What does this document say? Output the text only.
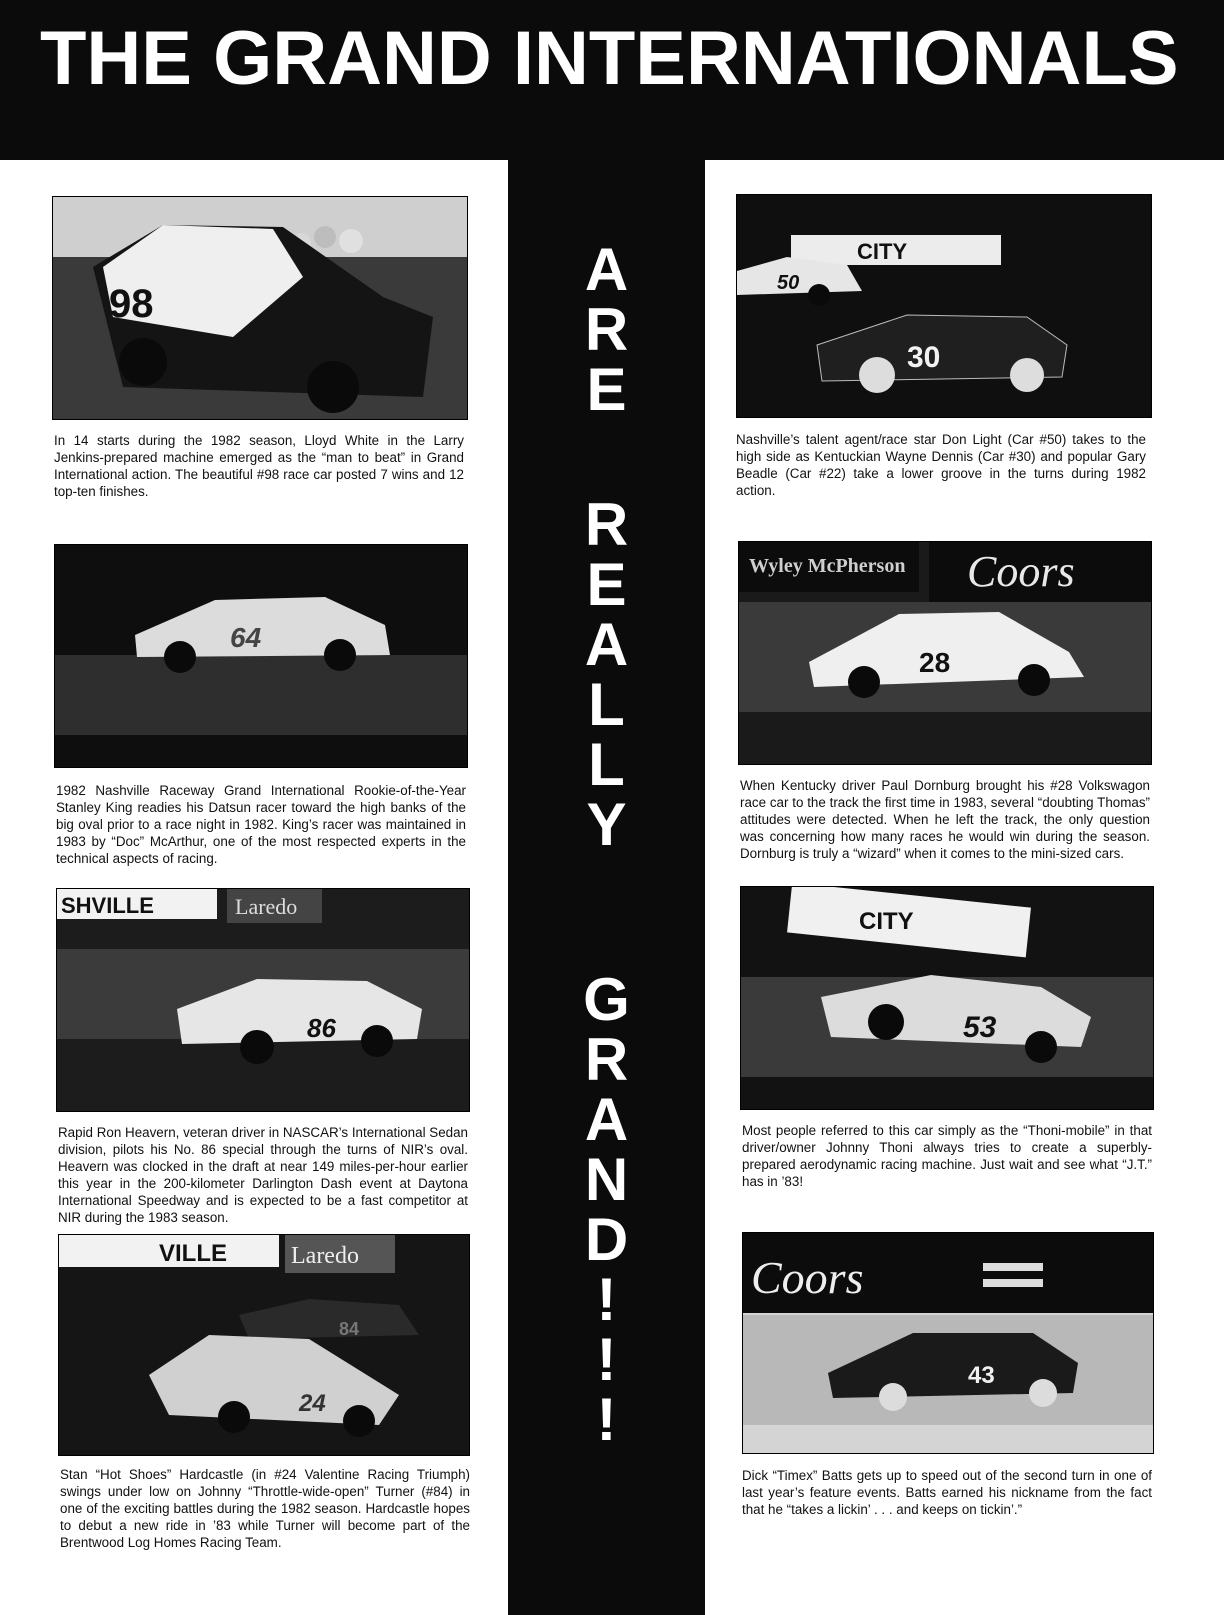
THE GRAND INTERNATIONALS
A
R
E
R
E
A
L
L
Y
G
R
A
N
D
!
!
!
98
In 14 starts during the 1982 season, Lloyd White in the Larry Jenkins-prepared machine emerged as the “man to beat” in Grand International action. The beautiful #98 race car posted 7 wins and 12 top-ten finishes.
64
1982 Nashville Raceway Grand International Rookie-of-the-Year Stanley King readies his Datsun racer toward the high banks of the big oval prior to a race night in 1982. King’s racer was maintained in 1983 by “Doc” McArthur, one of the most respected experts in the technical aspects of racing.
SHVILLE	Laredo
86
Rapid Ron Heavern, veteran driver in NASCAR’s International Sedan division, pilots his No. 86 special through the turns of NIR’s oval. Heavern was clocked in the draft at near 149 miles-per-hour earlier this year in the 200-kilometer Darlington Dash event at Daytona International Speedway and is expected to be a fast competitor at NIR during the 1983 season.
VILLE	Laredo
84
24
Stan “Hot Shoes” Hardcastle (in #24 Valentine Racing Triumph) swings under low on Johnny “Throttle-wide-open” Turner (#84) in one of the exciting battles during the 1982 season. Hardcastle hopes to debut a new ride in ’83 while Turner will become part of the Brentwood Log Homes Racing Team.
CITY
50
30
Nashville’s talent agent/race star Don Light (Car #50) takes to the high side as Kentuckian Wayne Dennis (Car #30) and popular Gary Beadle (Car #22) take a lower groove in the turns during 1982 action.
Wyley McPherson Coors
28
When Kentucky driver Paul Dornburg brought his #28 Volkswagon race car to the track the first time in 1983, several “doubting Thomas” attitudes were detected. When he left the track, the only question was concerning how many races he would win during the season. Dornburg is truly a “wizard” when it comes to the mini-sized cars.
CITY
53
Most people referred to this car simply as the “Thoni-mobile” in that driver/owner Johnny Thoni always tries to create a superbly-prepared aerodynamic racing machine. Just wait and see what “J.T.” has in ’83!
Coors
43
Dick “Timex” Batts gets up to speed out of the second turn in one of last year’s feature events. Batts earned his nickname from the fact that he “takes a lickin’ . . . and keeps on tickin’.”
